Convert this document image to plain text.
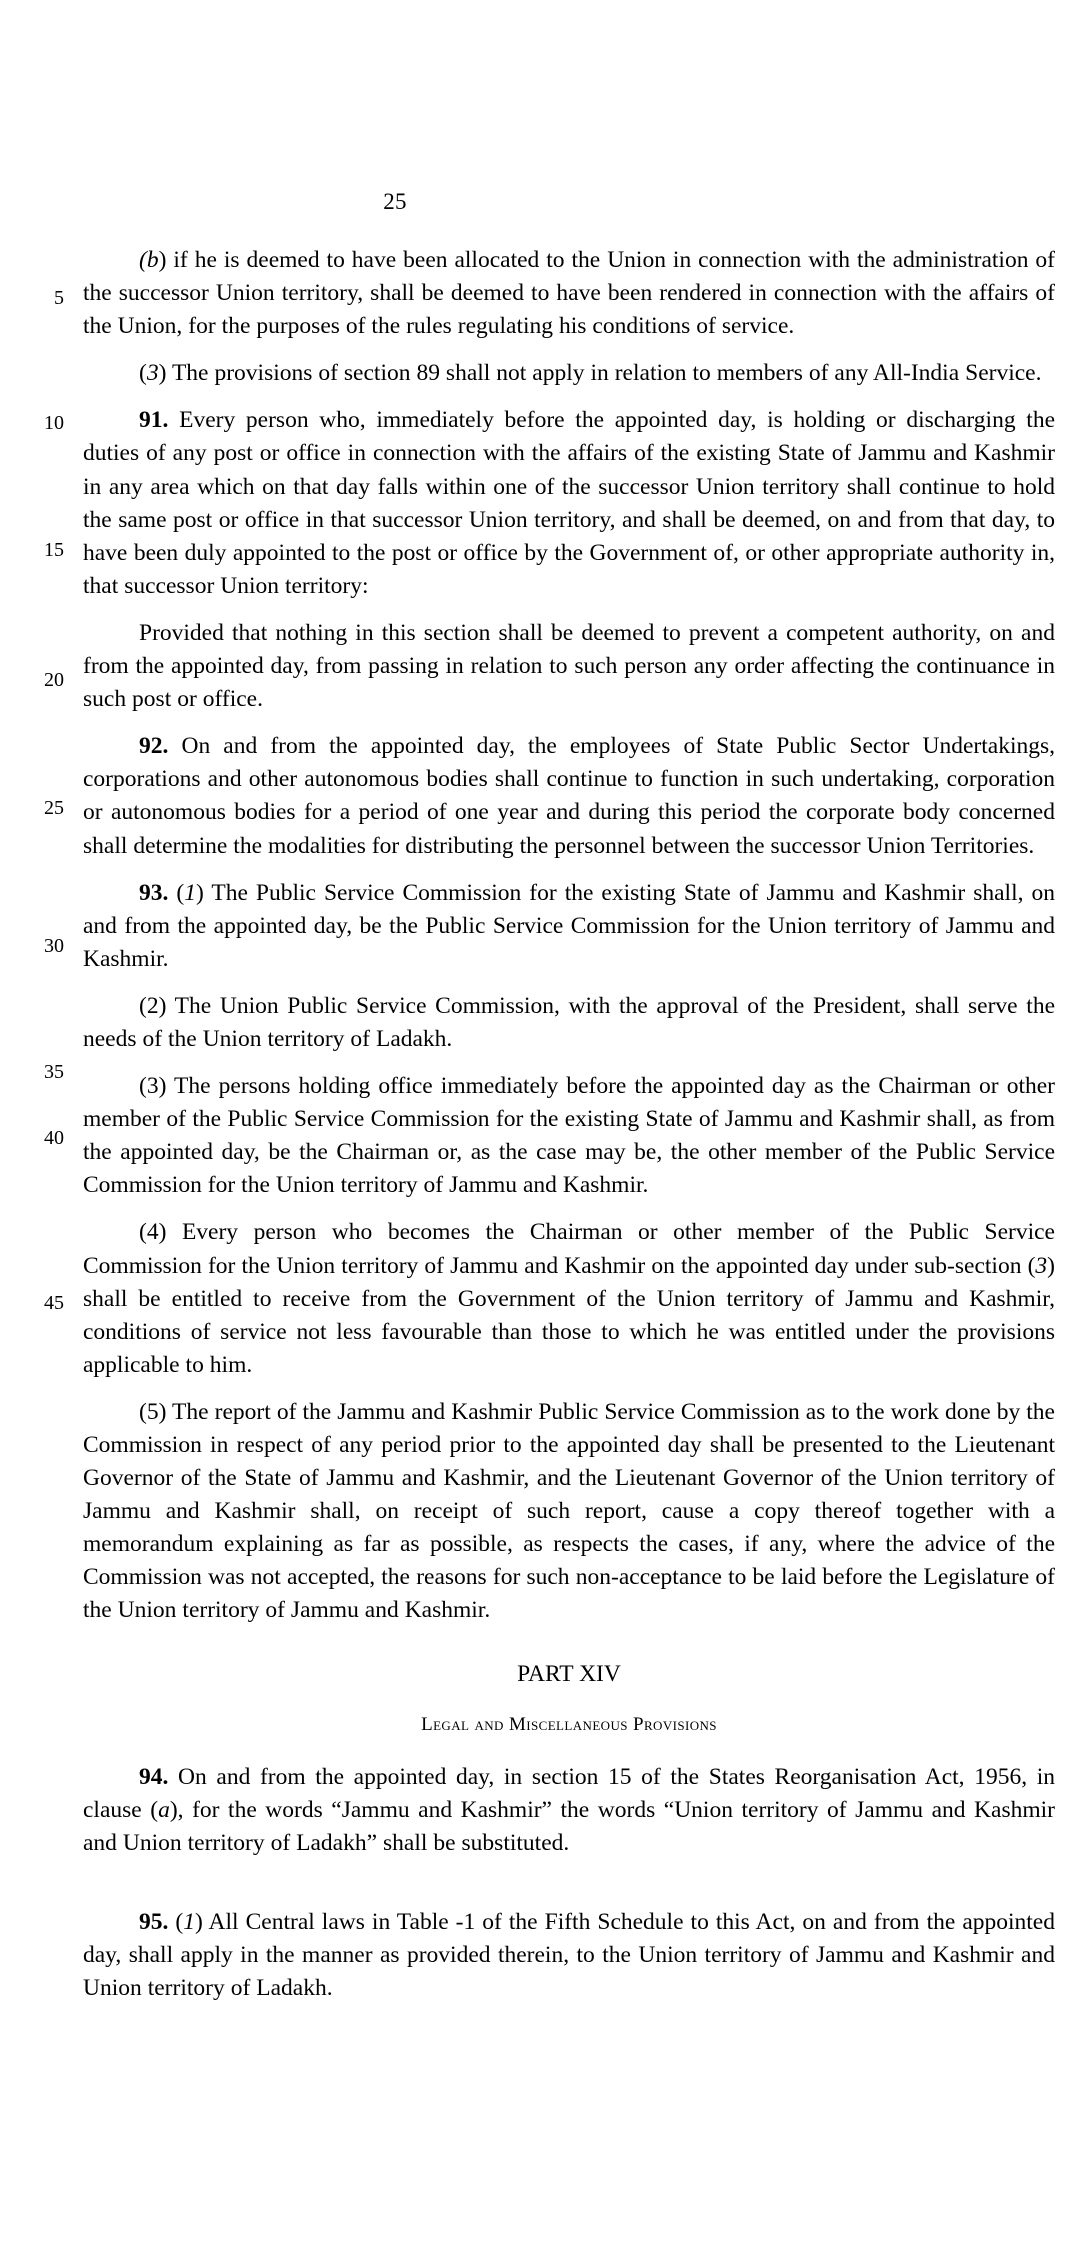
25
5
10
15
20
25
30
35
40
45
(b) if he is deemed to have been allocated to the Union in connection with the administration of the successor Union territory, shall be deemed to have been rendered in connection with the affairs of the Union, for the purposes of the rules regulating his conditions of service.
(3) The provisions of section 89 shall not apply in relation to members of any All-India Service.
91. Every person who, immediately before the appointed day, is holding or discharging the duties of any post or office in connection with the affairs of the existing State of Jammu and Kashmir in any area which on that day falls within one of the successor Union territory shall continue to hold the same post or office in that successor Union territory, and shall be deemed, on and from that day, to have been duly appointed to the post or office by the Government of, or other appropriate authority in, that successor Union territory:
Provided that nothing in this section shall be deemed to prevent a competent authority, on and from the appointed day, from passing in relation to such person any order affecting the continuance in such post or office.
92. On and from the appointed day, the employees of State Public Sector Undertakings, corporations and other autonomous bodies shall continue to function in such undertaking, corporation or autonomous bodies for a period of one year and during this period the corporate body concerned shall determine the modalities for distributing the personnel between the successor Union Territories.
93. (1) The Public Service Commission for the existing State of Jammu and Kashmir shall, on and from the appointed day, be the Public Service Commission for the Union territory of Jammu and Kashmir.
(2) The Union Public Service Commission, with the approval of the President, shall serve the needs of the Union territory of Ladakh.
(3) The persons holding office immediately before the appointed day as the Chairman or other member of the Public Service Commission for the existing State of Jammu and Kashmir shall, as from the appointed day, be the Chairman or, as the case may be, the other member of the Public Service Commission for the Union territory of Jammu and Kashmir.
(4) Every person who becomes the Chairman or other member of the Public Service Commission for the Union territory of Jammu and Kashmir on the appointed day under sub-section (3) shall be entitled to receive from the Government of the Union territory of Jammu and Kashmir, conditions of service not less favourable than those to which he was entitled under the provisions applicable to him.
(5) The report of the Jammu and Kashmir Public Service Commission as to the work done by the Commission in respect of any period prior to the appointed day shall be presented to the Lieutenant Governor of the State of Jammu and Kashmir, and the Lieutenant Governor of the Union territory of Jammu and Kashmir shall, on receipt of such report, cause a copy thereof together with a memorandum explaining as far as possible, as respects the cases, if any, where the advice of the Commission was not accepted, the reasons for such non-acceptance to be laid before the Legislature of the Union territory of Jammu and Kashmir.
PART XIV
Legal and Miscellaneous Provisions
94. On and from the appointed day, in section 15 of the States Reorganisation Act, 1956, in clause (a), for the words “Jammu and Kashmir” the words “Union territory of Jammu and Kashmir and Union territory of Ladakh” shall be substituted.
95. (1) All Central laws in Table -1 of the Fifth Schedule to this Act, on and from the appointed day, shall apply in the manner as provided therein, to the Union territory of Jammu and Kashmir and Union territory of Ladakh.
